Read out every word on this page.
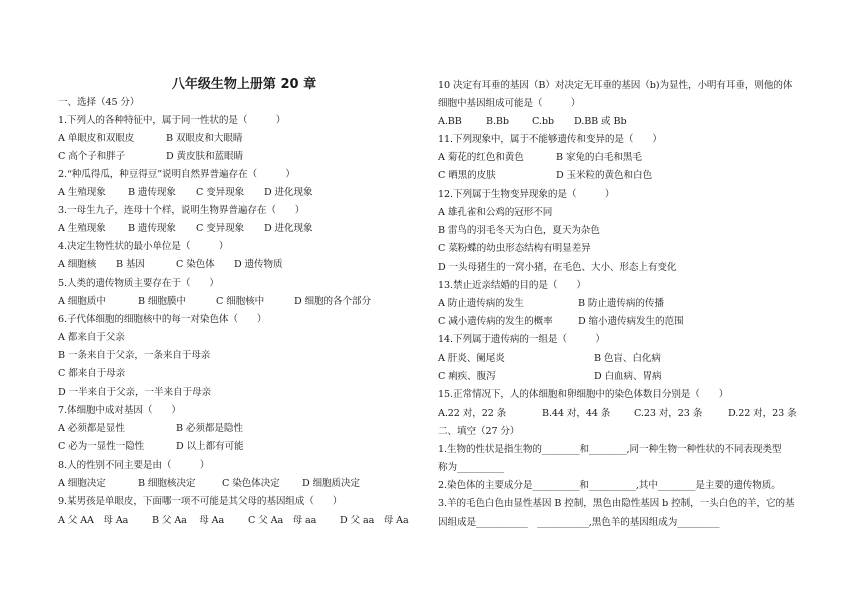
八年级生物上册第 20 章
一、选择（45 分）
1.下列人的各种特征中，属于同一性状的是（　　　）
A 单眼皮和双眼皮	B 双眼皮和大眼睛
C 高个子和胖子	D 黄皮肤和蓝眼睛
2.“种瓜得瓜，种豆得豆”说明自然界普遍存在（　　　）
A 生殖现象 B 遗传现象 C 变异现象 D 进化现象
3.一母生九子，连母十个样，说明生物界普遍存在（　　）
A 生殖现象 B 遗传现象 C 变异现象 D 进化现象
4.决定生物性状的最小单位是（　　　）
A 细胞核 B 基因	C 染色体 D 遗传物质
5.人类的遗传物质主要存在于（　　）
A 细胞质中	B 细胞膜中	C 细胞核中	D 细胞的各个部分
6.子代体细胞的细胞核中的每一对染色体（　　）
A 都来自于父亲
B 一条来自于父亲，一条来自于母亲
C 都来自于母亲
D 一半来自于父亲，一半来自于母亲
7.体细胞中成对基因（　　）
A 必须都是显性	B 必须都是隐性
C 必为一显性一隐性	D 以上都有可能
8.人的性别不同主要是由（　　　）
A 细胞决定	B 细胞核决定	C 染色体决定 D 细胞质决定
9.某男孩是单眼皮，下面哪一项不可能是其父母的基因组成（　　）
A 父 AA　母 Aa B 父 Aa　 母 Aa C 父 Aa　母 aa D 父 aa　母 Aa
10 决定有耳垂的基因（B）对决定无耳垂的基因（b)为显性，小明有耳垂，则他的体
细胞中基因组成可能是（　　　）
A.BB	B.Bb C.bb D.BB 或 Bb
11.下列现象中，属于不能够遗传和变异的是（　　）
A 菊花的红色和黄色	B 家兔的白毛和黑毛
C 晒黑的皮肤	D 玉米粒的黄色和白色
12.下列属于生物变异现象的是（　　　）
A 雄孔雀和公鸡的冠形不同
B 雷鸟的羽毛冬天为白色，夏天为杂色
C 菜粉蝶的幼虫形态结构有明显差异
D 一头母猪生的一窝小猪，在毛色、大小、形态上有变化
13.禁止近亲结婚的目的是（　　）
A 防止遗传病的发生	B 防止遗传病的传播
C 减小遗传病的发生的概率	D 缩小遗传病发生的范围
14.下列属于遗传病的一组是（　　　）
A 肝炎、阑尾炎	B 色盲、白化病
C 痢疾、腹泻	D 白血病、胃病
15.正常情况下，人的体细胞和卵细胞中的染色体数目分别是（　　）
A.22 对，22 条	B.44 对，44 条 C.23 对，23 条	D.22 对，23 条
二、填空（27 分）
1.生物的性状是指生物的________和________,同一种生物一种性状的不同表现类型
称为__________
2.染色体的主要成分是__________和__________,其中________是主要的遗传物质。
3.羊的毛色白色由显性基因 B 控制，黑色由隐性基因 b 控制，一头白色的羊，它的基
因组成是___________　___________,黑色羊的基因组成为_________
